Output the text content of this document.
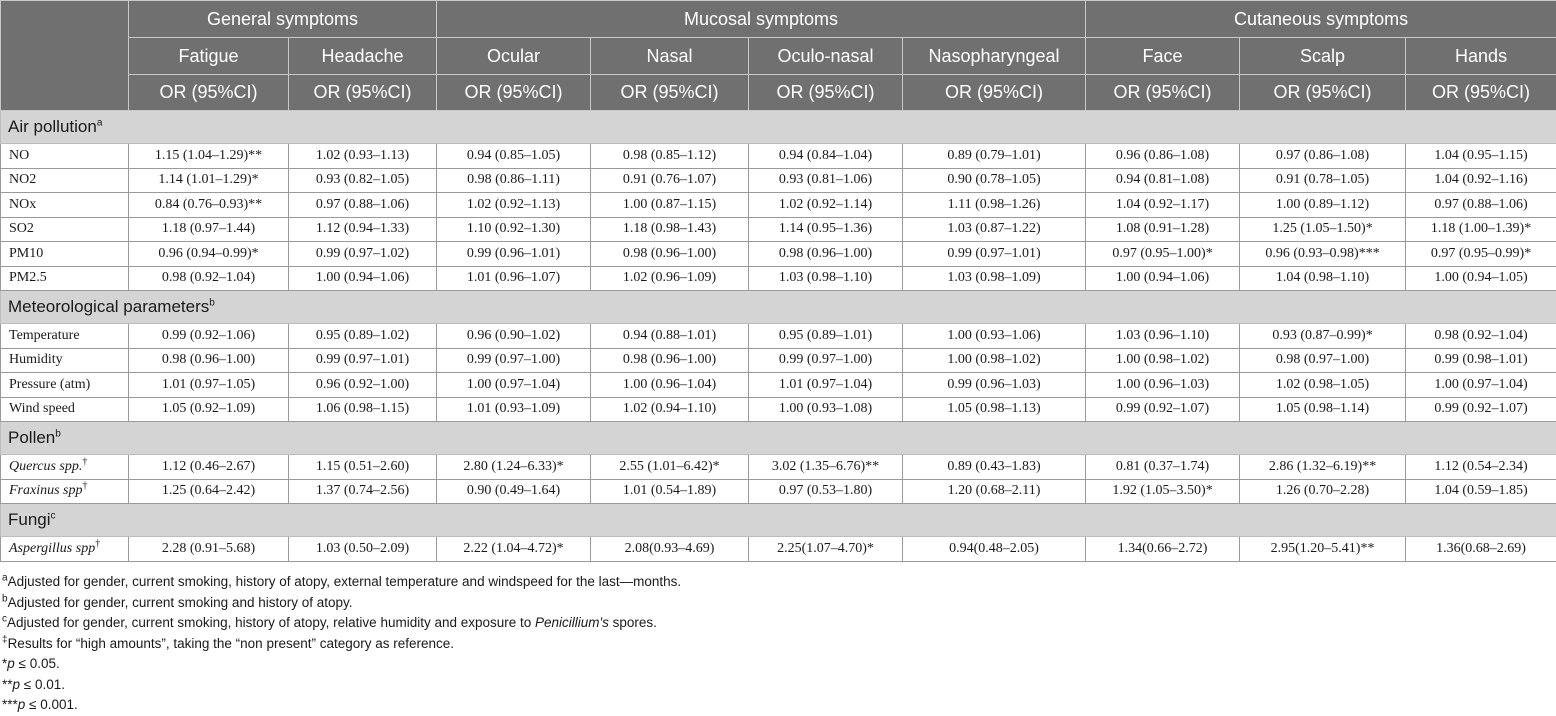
	General symptoms		Mucosal symptoms				Cutaneous symptoms		
	Fatigue	Headache	Ocular	Nasal	Oculo-nasal	Nasopharyngeal	Face	Scalp	Hands
	OR (95%CI)	OR (95%CI)	OR (95%CI)	OR (95%CI)	OR (95%CI)	OR (95%CI)	OR (95%CI)	OR (95%CI)	OR (95%CI)
Air pollution$^a$
NO	1.15 (1.04–1.29)**	1.02 (0.93–1.13)	0.94 (0.85–1.05)	0.98 (0.85–1.12)	0.94 (0.84–1.04)	0.89 (0.79–1.01)	0.96 (0.86–1.08)	0.97 (0.86–1.08)	1.04 (0.95–1.15)
NO2	1.14 (1.01–1.29)*	0.93 (0.82–1.05)	0.98 (0.86–1.11)	0.91 (0.76–1.07)	0.93 (0.81–1.06)	0.90 (0.78–1.05)	0.94 (0.81–1.08)	0.91 (0.78–1.05)	1.04 (0.92–1.16)
NOx	0.84 (0.76–0.93)**	0.97 (0.88–1.06)	1.02 (0.92–1.13)	1.00 (0.87–1.15)	1.02 (0.92–1.14)	1.11 (0.98–1.26)	1.04 (0.92–1.17)	1.00 (0.89–1.12)	0.97 (0.88–1.06)
SO2	1.18 (0.97–1.44)	1.12 (0.94–1.33)	1.10 (0.92–1.30)	1.18 (0.98–1.43)	1.14 (0.95–1.36)	1.03 (0.87–1.22)	1.08 (0.91–1.28)	1.25 (1.05–1.50)*	1.18 (1.00–1.39)*
PM10	0.96 (0.94–0.99)*	0.99 (0.97–1.02)	0.99 (0.96–1.01)	0.98 (0.96–1.00)	0.98 (0.96–1.00)	0.99 (0.97–1.01)	0.97 (0.95–1.00)*	0.96 (0.93–0.98)***	0.97 (0.95–0.99)*
PM2.5	0.98 (0.92–1.04)	1.00 (0.94–1.06)	1.01 (0.96–1.07)	1.02 (0.96–1.09)	1.03 (0.98–1.10)	1.03 (0.98–1.09)	1.00 (0.94–1.06)	1.04 (0.98–1.10)	1.00 (0.94–1.05)
Meteorological parameters$^b$
Temperature	0.99 (0.92–1.06)	0.95 (0.89–1.02)	0.96 (0.90–1.02)	0.94 (0.88–1.01)	0.95 (0.89–1.01)	1.00 (0.93–1.06)	1.03 (0.96–1.10)	0.93 (0.87–0.99)*	0.98 (0.92–1.04)
Humidity	0.98 (0.96–1.00)	0.99 (0.97–1.01)	0.99 (0.97–1.00)	0.98 (0.96–1.00)	0.99 (0.97–1.00)	1.00 (0.98–1.02)	1.00 (0.98–1.02)	0.98 (0.97–1.00)	0.99 (0.98–1.01)
Pressure (atm)	1.01 (0.97–1.05)	0.96 (0.92–1.00)	1.00 (0.97–1.04)	1.00 (0.96–1.04)	1.01 (0.97–1.04)	0.99 (0.96–1.03)	1.00 (0.96–1.03)	1.02 (0.98–1.05)	1.00 (0.97–1.04)
Wind speed	1.05 (0.92–1.09)	1.06 (0.98–1.15)	1.01 (0.93–1.09)	1.02 (0.94–1.10)	1.00 (0.93–1.08)	1.05 (0.98–1.13)	0.99 (0.92–1.07)	1.05 (0.98–1.14)	0.99 (0.92–1.07)
Pollen$^b$
Quercus spp.†	1.12 (0.46–2.67)	1.15 (0.51–2.60)	2.80 (1.24–6.33)*	2.55 (1.01–6.42)*	3.02 (1.35–6.76)**	0.89 (0.43–1.83)	0.81 (0.37–1.74)	2.86 (1.32–6.19)**	1.12 (0.54–2.34)
Fraxinus spp†	1.25 (0.64–2.42)	1.37 (0.74–2.56)	0.90 (0.49–1.64)	1.01 (0.54–1.89)	0.97 (0.53–1.80)	1.20 (0.68–2.11)	1.92 (1.05–3.50)*	1.26 (0.70–2.28)	1.04 (0.59–1.85)
Fungi$^c$
Aspergillus spp†	2.28 (0.91–5.68)	1.03 (0.50–2.09)	2.22 (1.04–4.72)*	2.08(0.93–4.69)	2.25(1.07–4.70)*	0.94(0.48–2.05)	1.34(0.66–2.72)	2.95(1.20–5.41)**	1.36(0.68–2.69)
$^a$Adjusted for gender, current smoking, history of atopy, external temperature and windspeed for the last—months.
$^b$Adjusted for gender, current smoking and history of atopy.
$^c$Adjusted for gender, current smoking, history of atopy, relative humidity and exposure to Penicillium's spores.
‡Results for “high amounts”, taking the “non present” category as reference.
*p ≤ 0.05.
**p ≤ 0.01.
***p ≤ 0.001.
